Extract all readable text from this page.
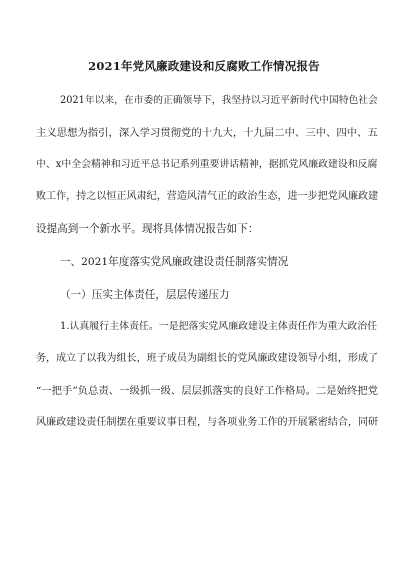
2021年党风廉政建设和反腐败工作情况报告
2021年以来，在市委的正确领导下，我坚持以习近平新时代中国特色社会
主义思想为指引，深入学习贯彻党的十九大，十九届二中、三中、四中、五
中、x中全会精神和习近平总书记系列重要讲话精神，据抓党风廉政建设和反腐
败工作，持之以恒正风肃纪，营造风清气正的政治生态，进一步把党风廉政建
设提高到一个新水平。现将具体情况报告如下：
一、2021年度落实党风廉政建设责任制落实情况
（一）压实主体责任，层层传递压力
1.认真履行主体责任。一是把落实党风廉政建设主体责任作为重大政治任
务，成立了以我为组长，班子成员为副组长的党风廉政建设领导小组，形成了
“一把手”负总责、一级抓一级、层层抓落实的良好工作格局。二是始终把党
风廉政建设责任制摆在重要议事日程，与各项业务工作的开展紧密结合，同研
